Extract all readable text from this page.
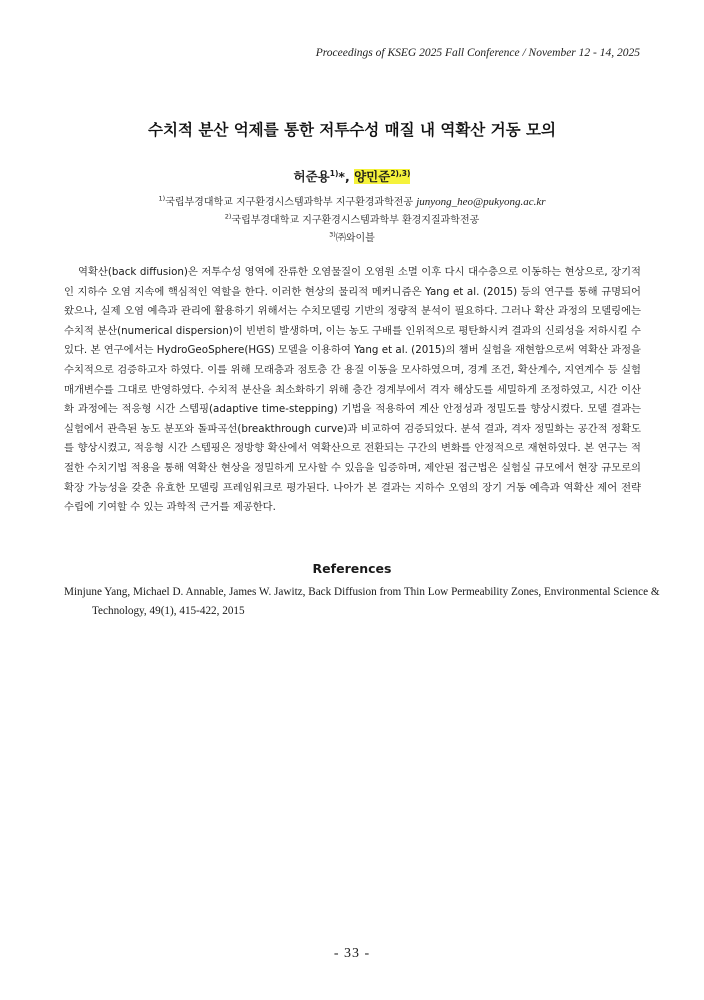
Proceedings of KSEG 2025 Fall Conference / November 12 - 14, 2025
수치적 분산 억제를 통한 저투수성 매질 내 역확산 거동 모의
허준용$^{1)}$*, 양민준$^{2),3)}$
$^{1)}$국립부경대학교 지구환경시스템과학부 지구환경과학전공 junyong_heo@pukyong.ac.kr
$^{2)}$국립부경대학교 지구환경시스템과학부 환경지질과학전공
$^{3)}$㈜와이블

역확산(back diffusion)은 저투수성 영역에 잔류한 오염물질이 오염원 소멸 이후 다시 대수층으로 이동하는 현상으로, 장기적인 지하수 오염 지속에 핵심적인 역할을 한다. 이러한 현상의 물리적 메커니즘은 Yang et al. (2015) 등의 연구를 통해 규명되어 왔으나, 실제 오염 예측과 관리에 활용하기 위해서는 수치모델링 기반의 정량적 분석이 필요하다. 그러나 확산 과정의 모델링에는 수치적 분산(numerical dispersion)이 빈번히 발생하며, 이는 농도 구배를 인위적으로 평탄화시켜 결과의 신뢰성을 저하시킬 수 있다. 본 연구에서는 HydroGeoSphere(HGS) 모델을 이용하여 Yang et al. (2015)의 챔버 실험을 재현함으로써 역확산 과정을 수치적으로 검증하고자 하였다. 이를 위해 모래층과 점토층 간 용질 이동을 모사하였으며, 경계 조건, 확산계수, 지연계수 등 실험 매개변수를 그대로 반영하였다. 수치적 분산을 최소화하기 위해 층간 경계부에서 격자 해상도를 세밀하게 조정하였고, 시간 이산화 과정에는 적응형 시간 스텝핑(adaptive time-stepping) 기법을 적용하여 계산 안정성과 정밀도를 향상시켰다. 모델 결과는 실험에서 관측된 농도 분포와 돌파곡선(breakthrough curve)과 비교하여 검증되었다. 분석 결과, 격자 정밀화는 공간적 정확도를 향상시켰고, 적응형 시간 스텝핑은 정방향 확산에서 역확산으로 전환되는 구간의 변화를 안정적으로 재현하였다. 본 연구는 적절한 수치기법 적용을 통해 역확산 현상을 정밀하게 모사할 수 있음을 입증하며, 제안된 접근법은 실험실 규모에서 현장 규모로의 확장 가능성을 갖춘 유효한 모델링 프레임워크로 평가된다. 나아가 본 결과는 지하수 오염의 장기 거동 예측과 역확산 제어 전략 수립에 기여할 수 있는 과학적 근거를 제공한다.

References

Minjune Yang, Michael D. Annable, James W. Jawitz, Back Diffusion from Thin Low Permeability Zones, Environmental Science & Technology, 49(1), 415-422, 2015

- 33 -
